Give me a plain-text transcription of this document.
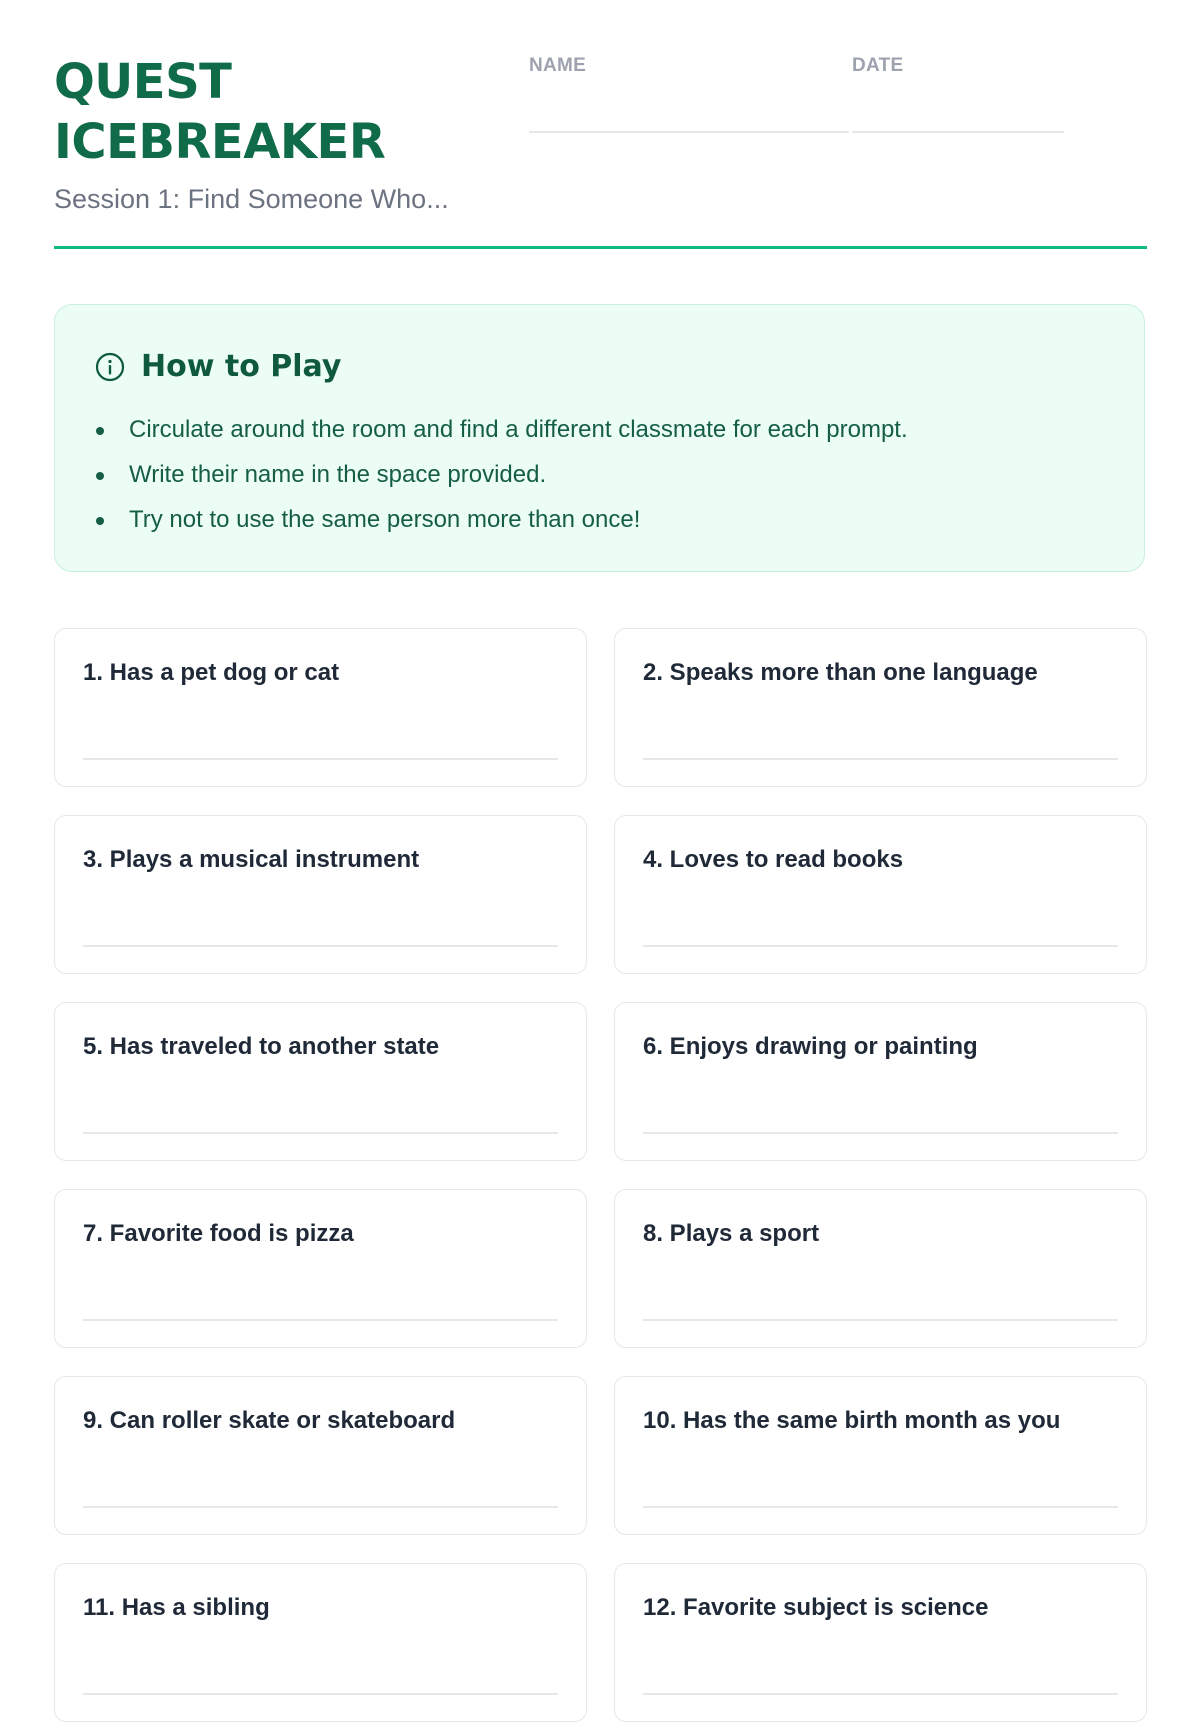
QUEST
ICEBREAKER
Session 1: Find Someone Who...
NAME	DATE
How to Play
Circulate around the room and find a different classmate for each prompt.
Write their name in the space provided.
Try not to use the same person more than once!
1. Has a pet dog or cat	2. Speaks more than one language
3. Plays a musical instrument	4. Loves to read books
5. Has traveled to another state	6. Enjoys drawing or painting
7. Favorite food is pizza	8. Plays a sport
9. Can roller skate or skateboard	10. Has the same birth month as you
11. Has a sibling	12. Favorite subject is science
